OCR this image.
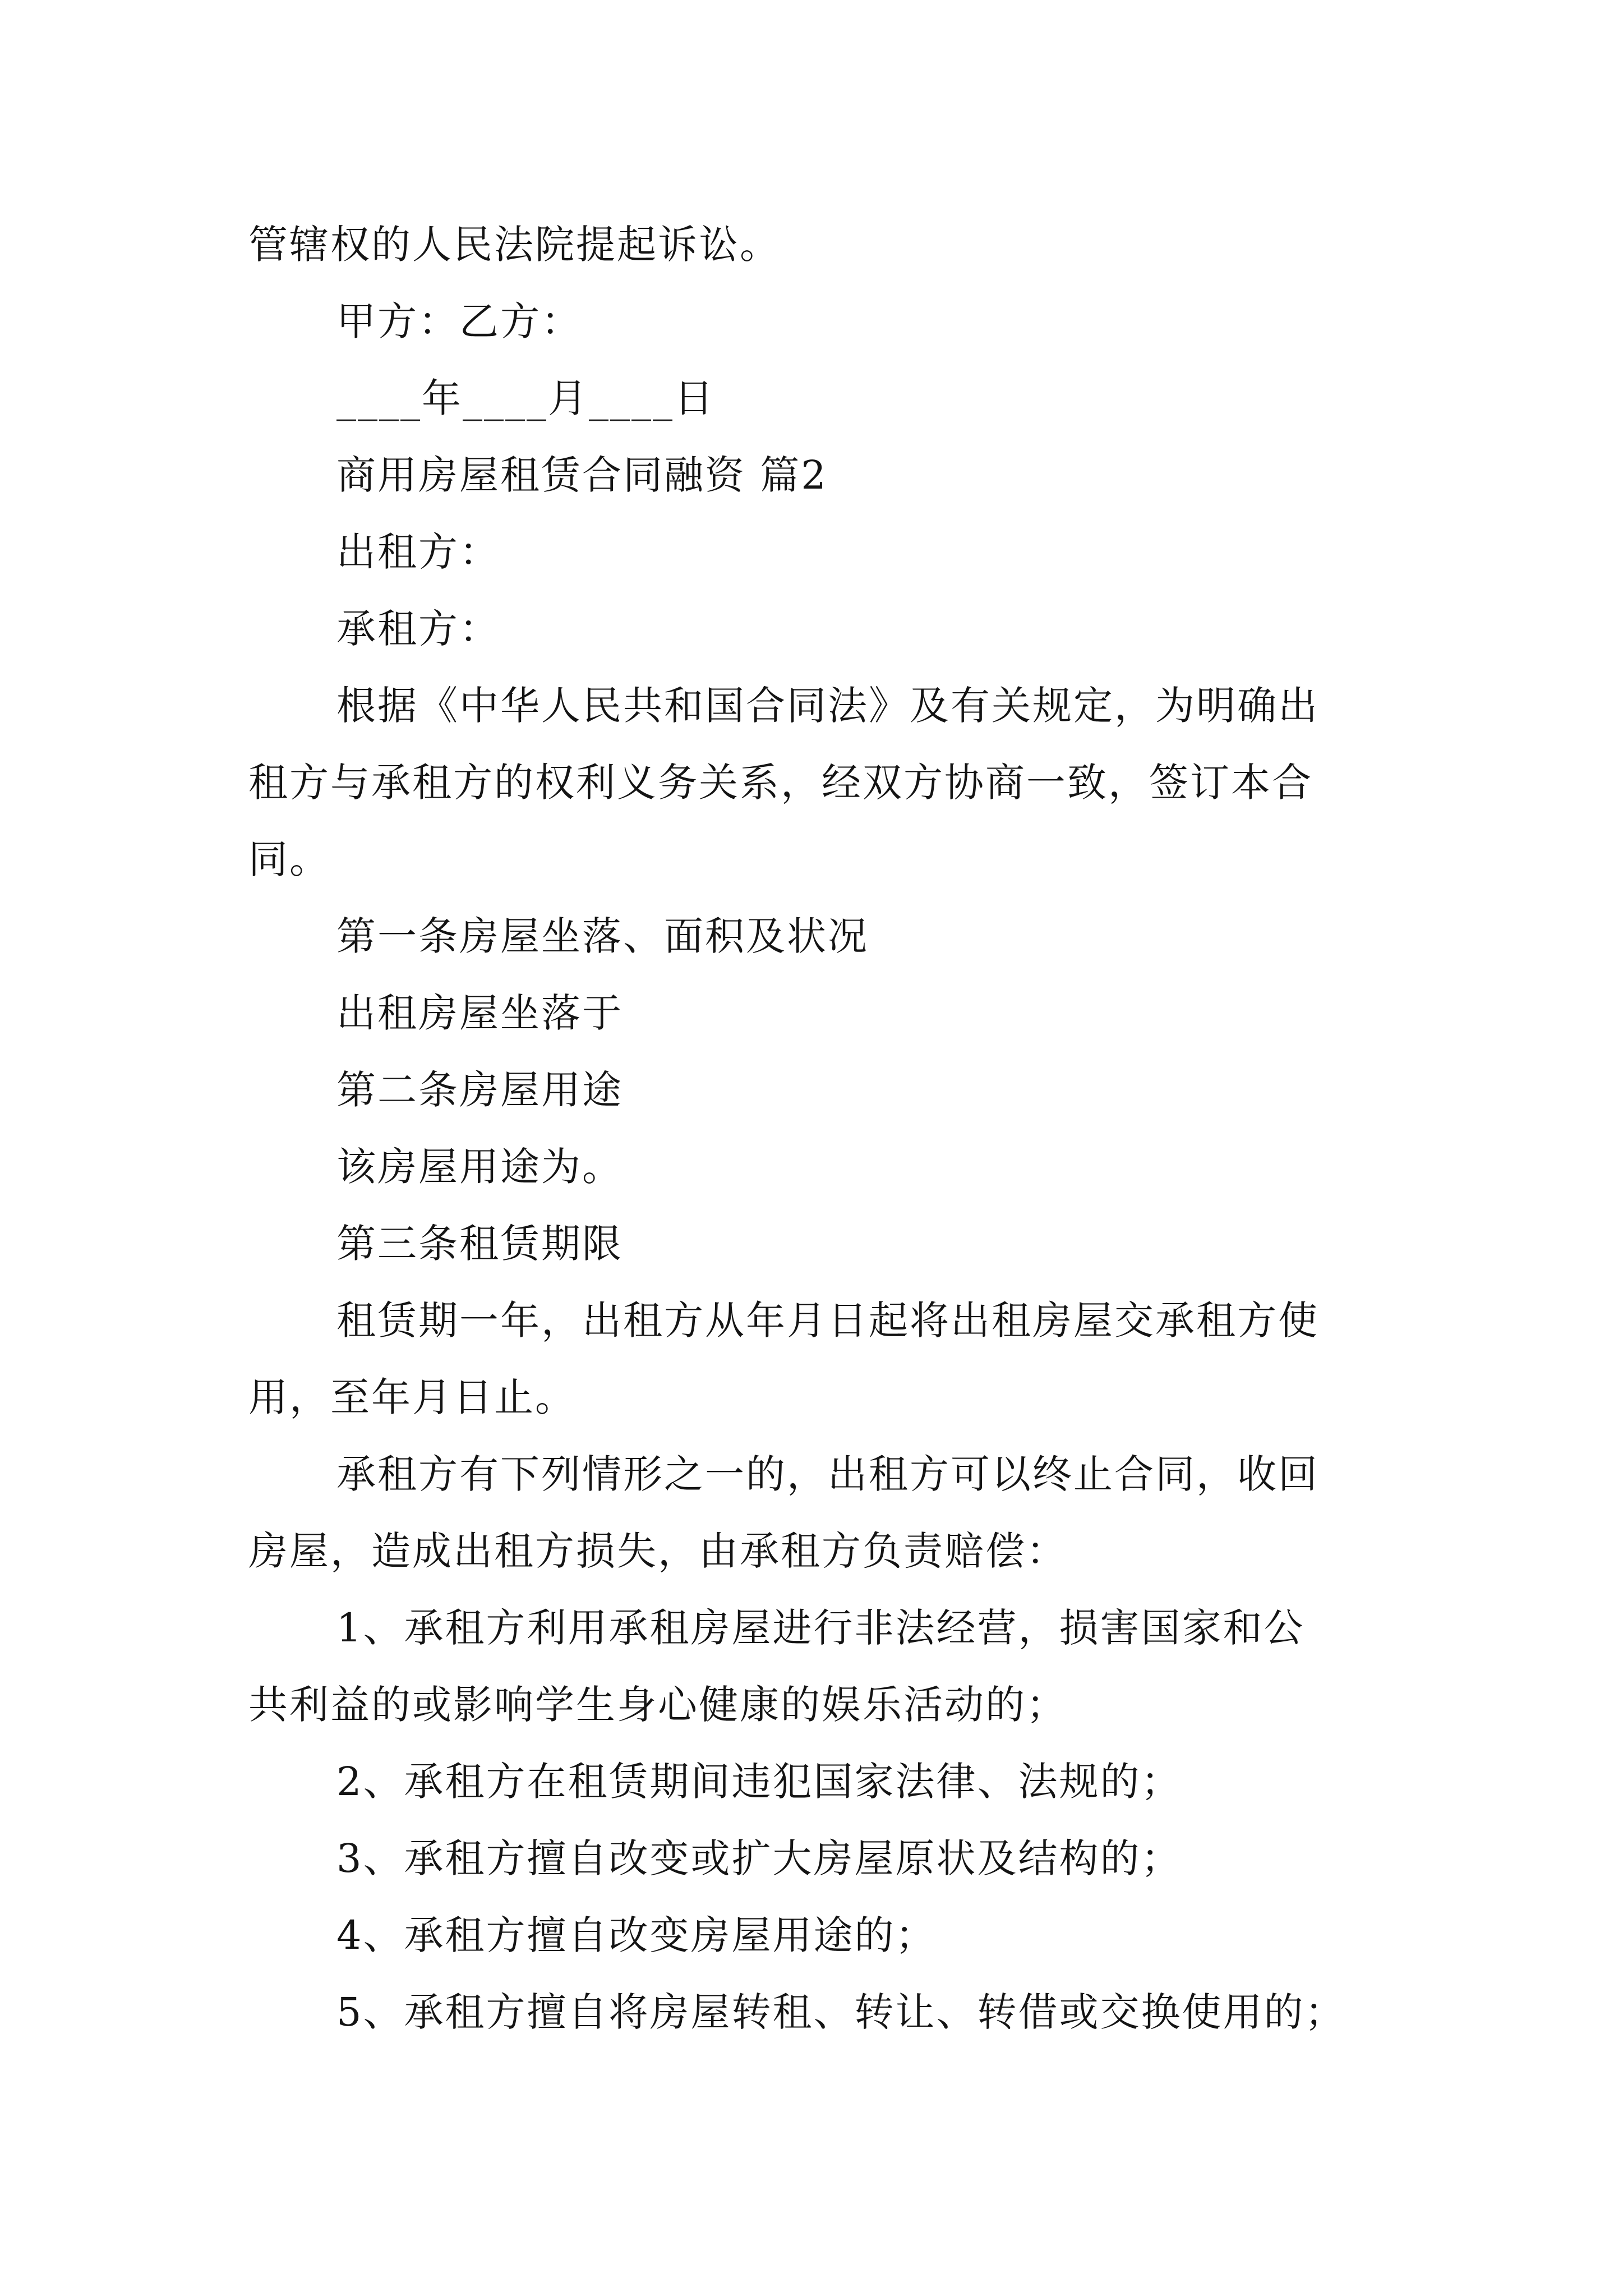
管辖权的人民法院提起诉讼。
甲方：乙方：
____年____月____日
商用房屋租赁合同融资 篇2
出租方：
承租方：
根据《中华人民共和国合同法》及有关规定，为明确出
租方与承租方的权利义务关系，经双方协商一致，签订本合
同。
第一条房屋坐落、面积及状况
出租房屋坐落于
第二条房屋用途
该房屋用途为。
第三条租赁期限
租赁期一年，出租方从年月日起将出租房屋交承租方使
用，至年月日止。
承租方有下列情形之一的，出租方可以终止合同，收回
房屋，造成出租方损失，由承租方负责赔偿：
1、承租方利用承租房屋进行非法经营，损害国家和公
共利益的或影响学生身心健康的娱乐活动的；
2、承租方在租赁期间违犯国家法律、法规的；
3、承租方擅自改变或扩大房屋原状及结构的；
4、承租方擅自改变房屋用途的；
5、承租方擅自将房屋转租、转让、转借或交换使用的；
